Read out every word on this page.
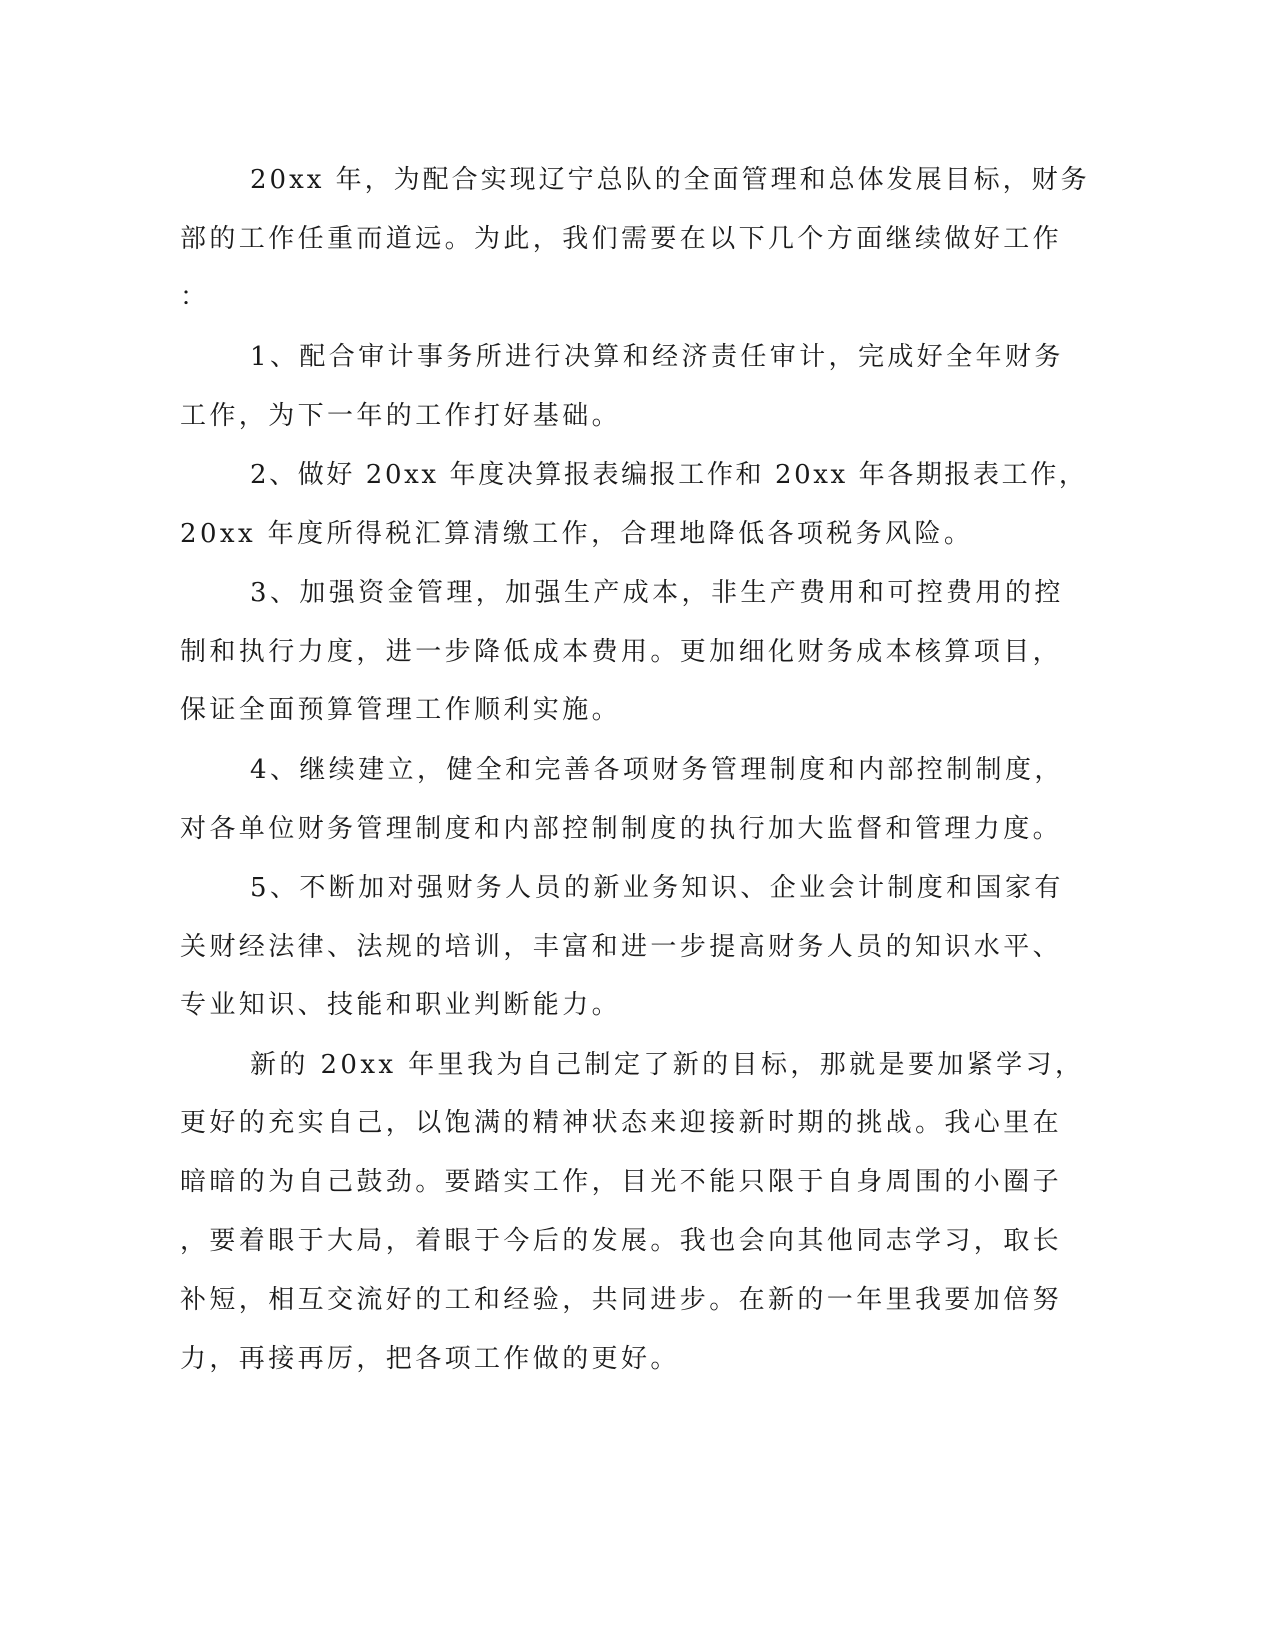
20xx 年，为配合实现辽宁总队的全面管理和总体发展目标，财务

部的工作任重而道远。为此，我们需要在以下几个方面继续做好工作

：

1、配合审计事务所进行决算和经济责任审计，完成好全年财务

工作，为下一年的工作打好基础。

2、做好 20xx 年度决算报表编报工作和 20xx 年各期报表工作，

20xx 年度所得税汇算清缴工作，合理地降低各项税务风险。

3、加强资金管理，加强生产成本，非生产费用和可控费用的控

制和执行力度，进一步降低成本费用。更加细化财务成本核算项目，

保证全面预算管理工作顺利实施。

4、继续建立，健全和完善各项财务管理制度和内部控制制度，

对各单位财务管理制度和内部控制制度的执行加大监督和管理力度。

5、不断加对强财务人员的新业务知识、企业会计制度和国家有

关财经法律、法规的培训，丰富和进一步提高财务人员的知识水平、

专业知识、技能和职业判断能力。

新的 20xx 年里我为自己制定了新的目标，那就是要加紧学习，

更好的充实自己，以饱满的精神状态来迎接新时期的挑战。我心里在

暗暗的为自己鼓劲。要踏实工作，目光不能只限于自身周围的小圈子

，要着眼于大局，着眼于今后的发展。我也会向其他同志学习，取长

补短，相互交流好的工和经验，共同进步。在新的一年里我要加倍努

力，再接再厉，把各项工作做的更好。
